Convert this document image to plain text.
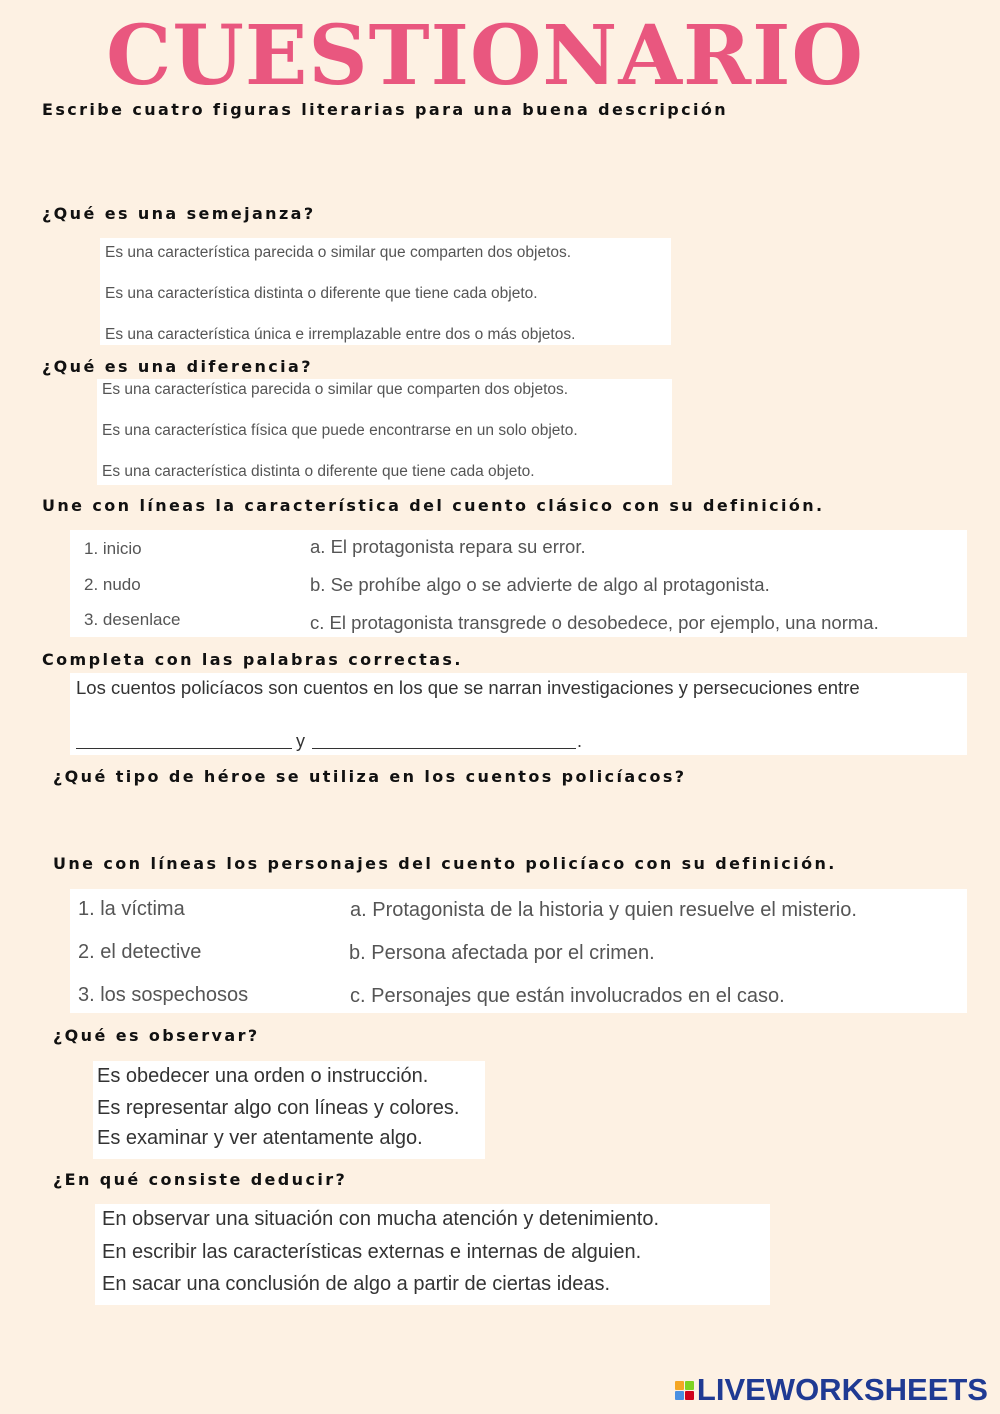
CUESTIONARIO
Escribe cuatro figuras literarias para una buena descripción
¿Qué es una semejanza?
Es una característica parecida o similar que comparten dos objetos.
Es una característica distinta o diferente que tiene cada objeto.
Es una característica única e irremplazable entre dos o más objetos.
¿Qué es una diferencia?
Es una característica parecida o similar que comparten dos objetos.
Es una característica física que puede encontrarse en un solo objeto.
Es una característica distinta o diferente que tiene cada objeto.
Une con líneas la característica del cuento clásico con su definición.
1. inicio
2. nudo
3. desenlace
a. El protagonista repara su error.
b. Se prohíbe algo o se advierte de algo al protagonista.
c. El protagonista transgrede o desobedece, por ejemplo, una norma.
Completa con las palabras correctas.
Los cuentos policíacos son cuentos en los que se narran investigaciones y persecuciones entre
y	.
¿Qué tipo de héroe se utiliza en los cuentos policíacos?
Une con líneas los personajes del cuento policíaco con su definición.
1. la víctima
2. el detective
3. los sospechosos
a. Protagonista de la historia y quien resuelve el misterio.
b. Persona afectada por el crimen.
c. Personajes que están involucrados en el caso.
¿Qué es observar?
Es obedecer una orden o instrucción.
Es representar algo con líneas y colores.
Es examinar y ver atentamente algo.
¿En qué consiste deducir?
En observar una situación con mucha atención y detenimiento.
En escribir las características externas e internas de alguien.
En sacar una conclusión de algo a partir de ciertas ideas.
LIVEWORKSHEETS
